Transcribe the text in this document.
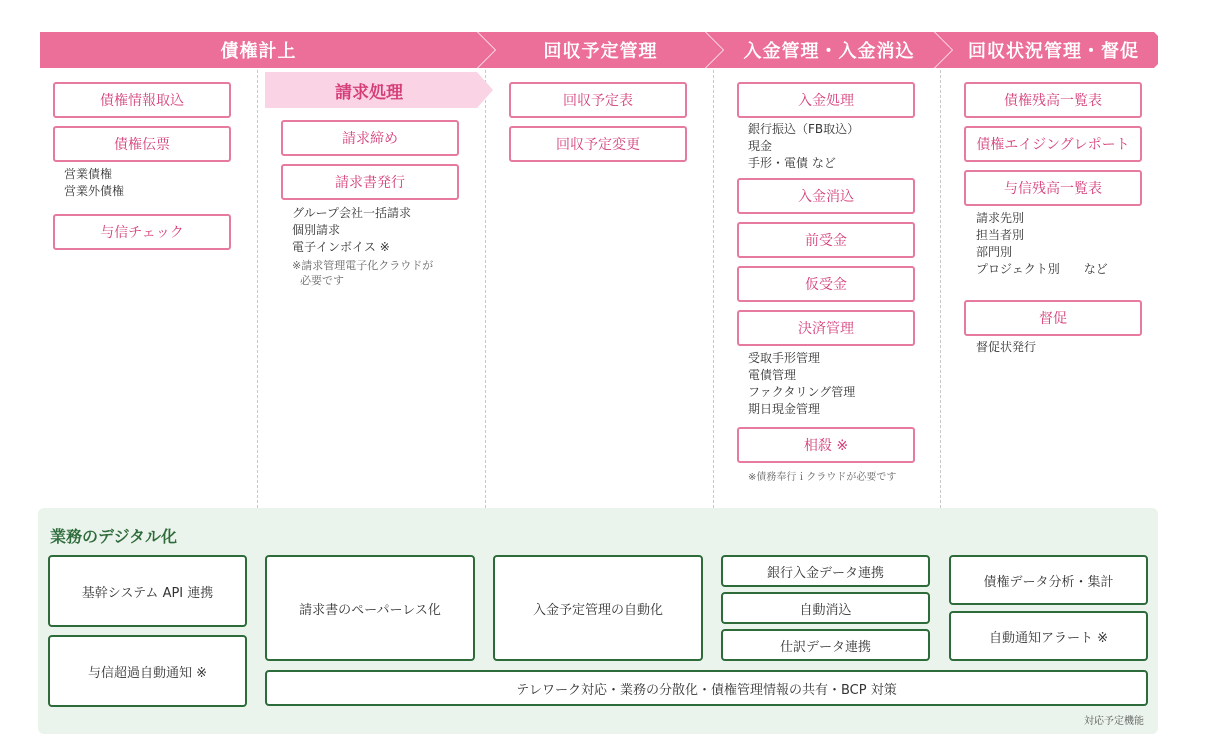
債権計上	回収予定管理	入金管理・入金消込	回収状況管理・督促
債権情報取込
債権伝票
営業債権
営業外債権
与信チェック
請求処理
請求締め
請求書発行
グループ会社一括請求
個別請求
電子インボイス ※
※請求管理電子化クラウドが
必要です
回収予定表
回収予定変更
入金処理
銀行振込（FB取込）
現金
手形・電債 など
入金消込
前受金
仮受金
決済管理
受取手形管理
電債管理
ファクタリング管理
期日現金管理
相殺 ※
※債務奉行ｉクラウドが必要です
債権残高一覧表
債権エイジングレポート
与信残高一覧表
請求先別
担当者別
部門別
プロジェクト別　　など
督促
督促状発行
業務のデジタル化
基幹システム API 連携
与信超過自動通知 ※
請求書のペーパーレス化	入金予定管理の自動化
銀行入金データ連携
自動消込
仕訳データ連携
債権データ分析・集計
自動通知アラート ※
テレワーク対応・業務の分散化・債権管理情報の共有・BCP 対策
対応予定機能
